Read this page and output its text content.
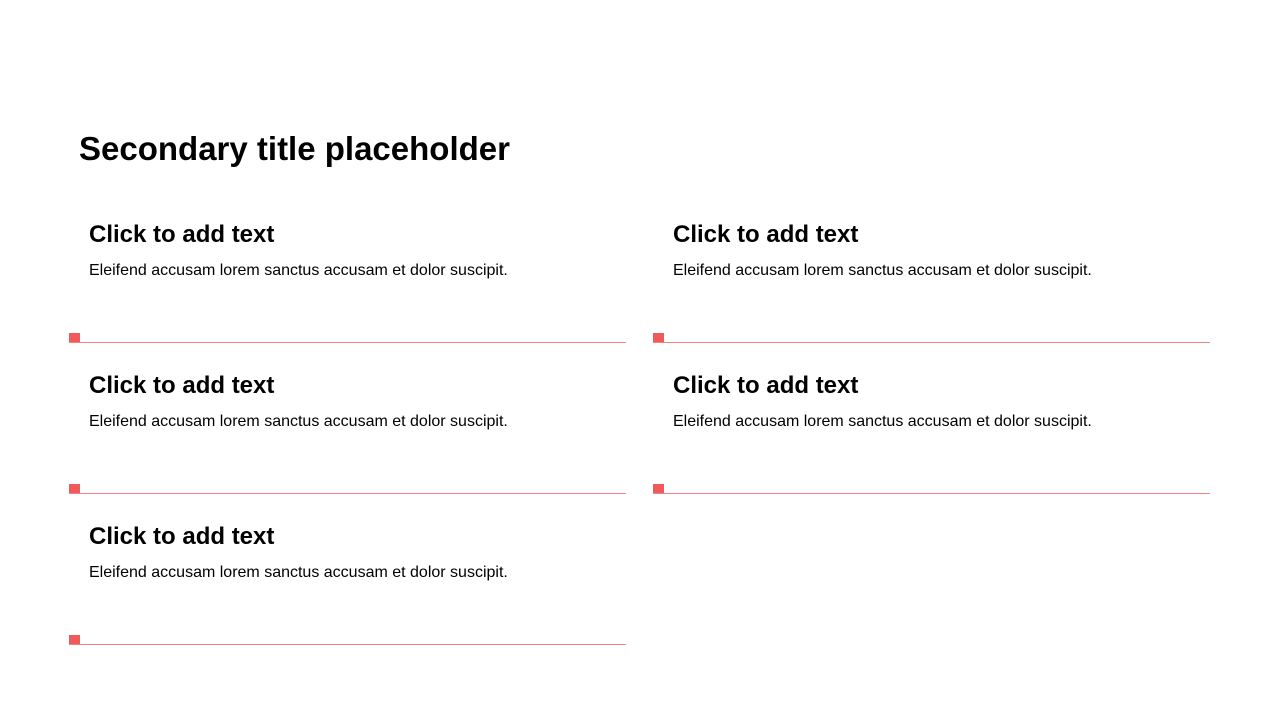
Secondary title placeholder
Click to add text

Eleifend accusam lorem sanctus accusam et dolor suscipit.

Click to add text

Eleifend accusam lorem sanctus accusam et dolor suscipit.

Click to add text

Eleifend accusam lorem sanctus accusam et dolor suscipit.

Click to add text

Eleifend accusam lorem sanctus accusam et dolor suscipit.

Click to add text

Eleifend accusam lorem sanctus accusam et dolor suscipit.
